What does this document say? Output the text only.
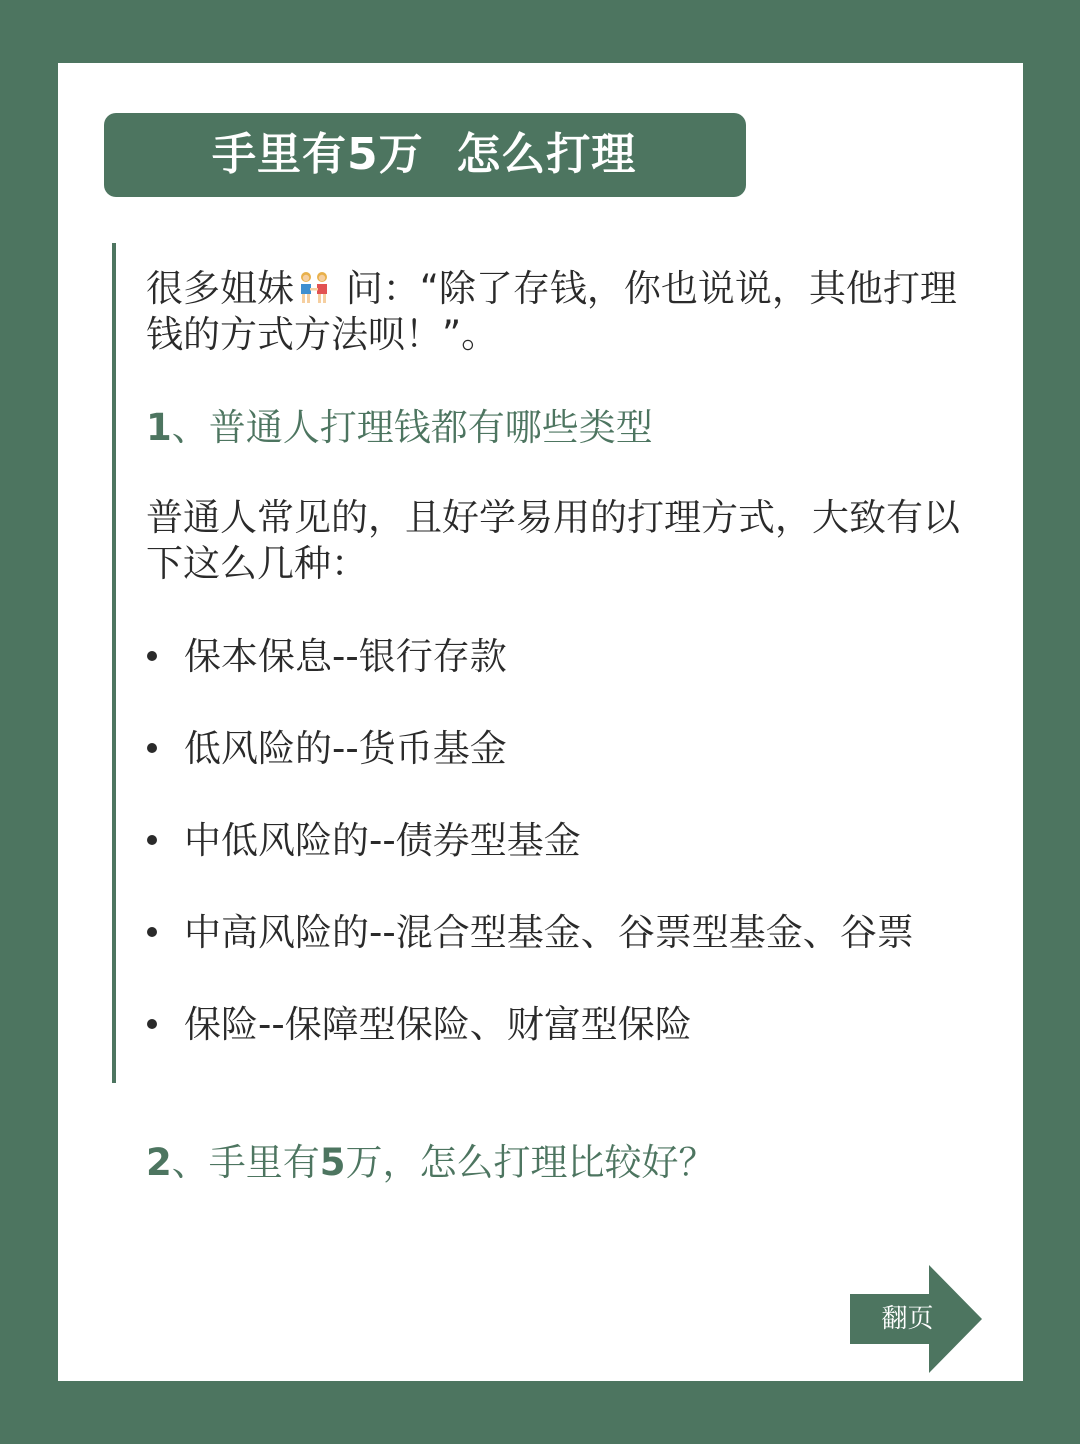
手里有5万  怎么打理
很多姐妹 问：“除了存钱，你也说说，其他打理钱的方式方法呗！”。
1、普通人打理钱都有哪些类型
普通人常见的，且好学易用的打理方式，大致有以下这么几种：
保本保息--银行存款
低风险的--货币基金
中低风险的--债券型基金
中高风险的--混合型基金、谷票型基金、谷票
保险--保障型保险、财富型保险
2、手里有5万，怎么打理比较好？
翻页
